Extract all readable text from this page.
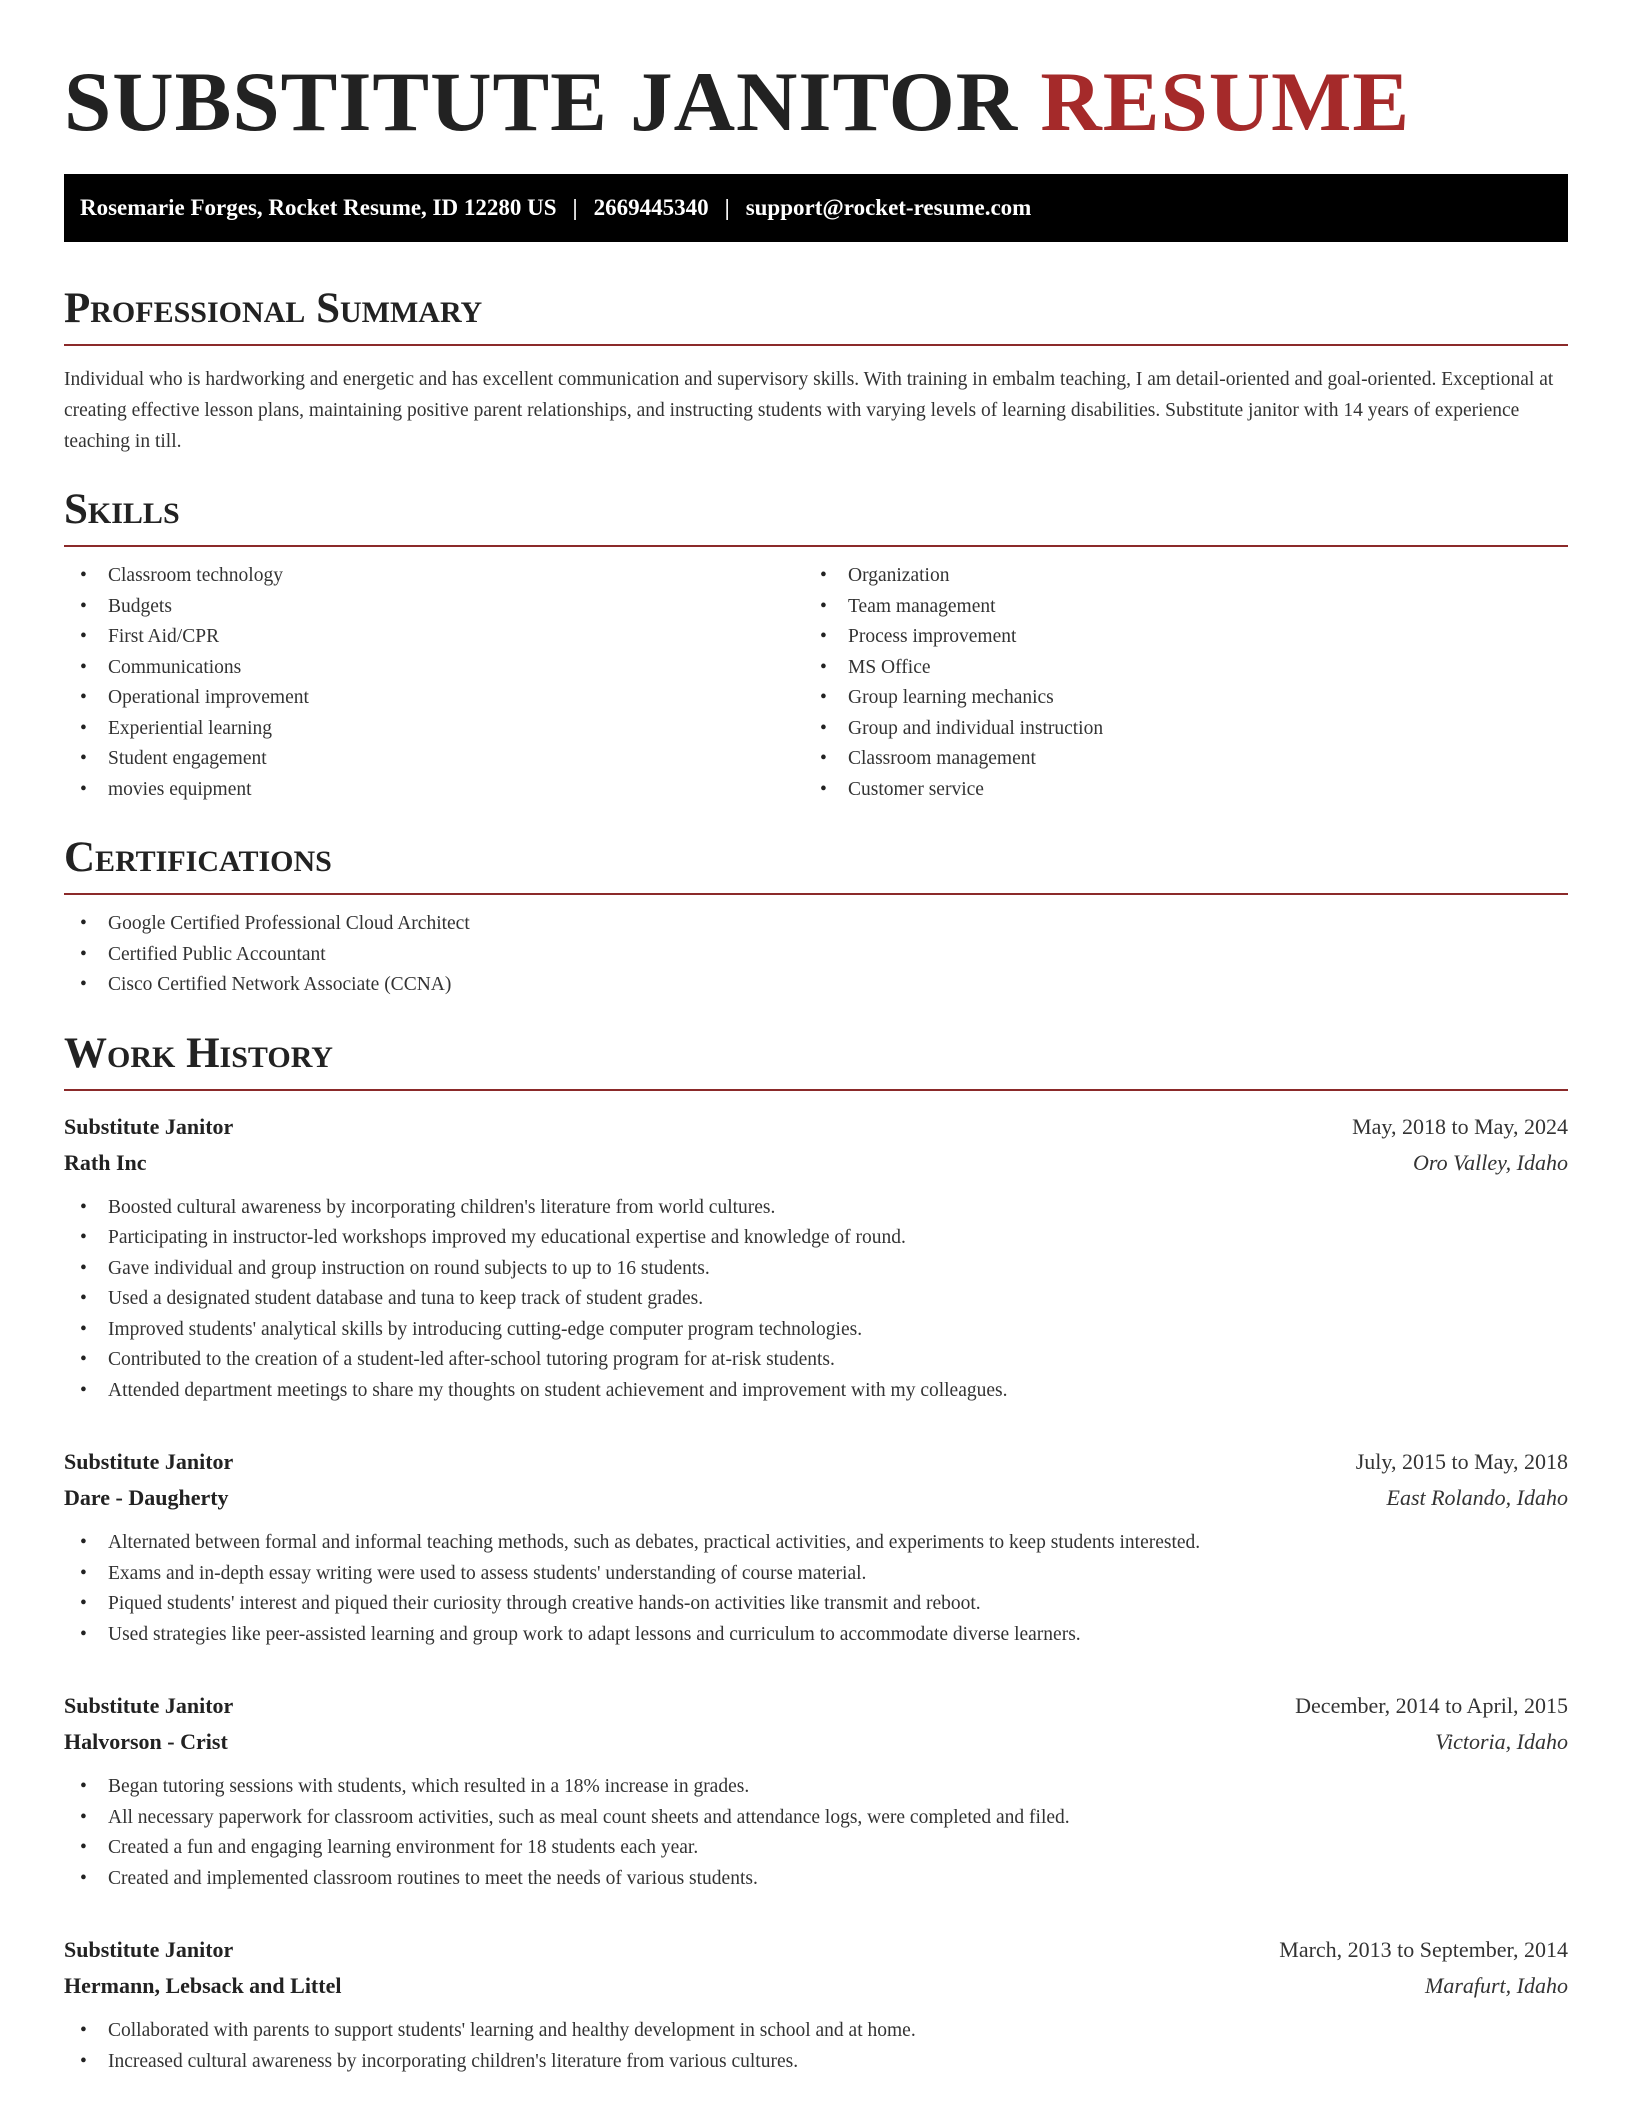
SUBSTITUTE JANITOR RESUME
Rosemarie Forges, Rocket Resume, ID 12280 US | 2669445340 | support@rocket-resume.com
Professional Summary

Individual who is hardworking and energetic and has excellent communication and supervisory skills. With training in embalm teaching, I am detail-oriented and goal-oriented. Exceptional at creating effective lesson plans, maintaining positive parent relationships, and instructing students with varying levels of learning disabilities. Substitute janitor with 14 years of experience teaching in till.

Skills
• Classroom technology
• Budgets
• First Aid/CPR
• Communications
• Operational improvement
• Experiential learning
• Student engagement
• movies equipment
• Organization
• Team management
• Process improvement
• MS Office
• Group learning mechanics
• Group and individual instruction
• Classroom management
• Customer service
Certifications
• Google Certified Professional Cloud Architect
• Certified Public Accountant
• Cisco Certified Network Associate (CCNA)
Work History
Substitute Janitor	May, 2018 to May, 2024
Rath Inc	Oro Valley, Idaho
• Boosted cultural awareness by incorporating children's literature from world cultures.
• Participating in instructor-led workshops improved my educational expertise and knowledge of round.
• Gave individual and group instruction on round subjects to up to 16 students.
• Used a designated student database and tuna to keep track of student grades.
• Improved students' analytical skills by introducing cutting-edge computer program technologies.
• Contributed to the creation of a student-led after-school tutoring program for at-risk students.
• Attended department meetings to share my thoughts on student achievement and improvement with my colleagues.
Substitute Janitor	July, 2015 to May, 2018
Dare - Daugherty	East Rolando, Idaho
• Alternated between formal and informal teaching methods, such as debates, practical activities, and experiments to keep students interested.
• Exams and in-depth essay writing were used to assess students' understanding of course material.
• Piqued students' interest and piqued their curiosity through creative hands-on activities like transmit and reboot.
• Used strategies like peer-assisted learning and group work to adapt lessons and curriculum to accommodate diverse learners.
Substitute Janitor	December, 2014 to April, 2015
Halvorson - Crist	Victoria, Idaho
• Began tutoring sessions with students, which resulted in a 18% increase in grades.
• All necessary paperwork for classroom activities, such as meal count sheets and attendance logs, were completed and filed.
• Created a fun and engaging learning environment for 18 students each year.
• Created and implemented classroom routines to meet the needs of various students.
Substitute Janitor	March, 2013 to September, 2014
Hermann, Lebsack and Littel	Marafurt, Idaho
• Collaborated with parents to support students' learning and healthy development in school and at home.
• Increased cultural awareness by incorporating children's literature from various cultures.
